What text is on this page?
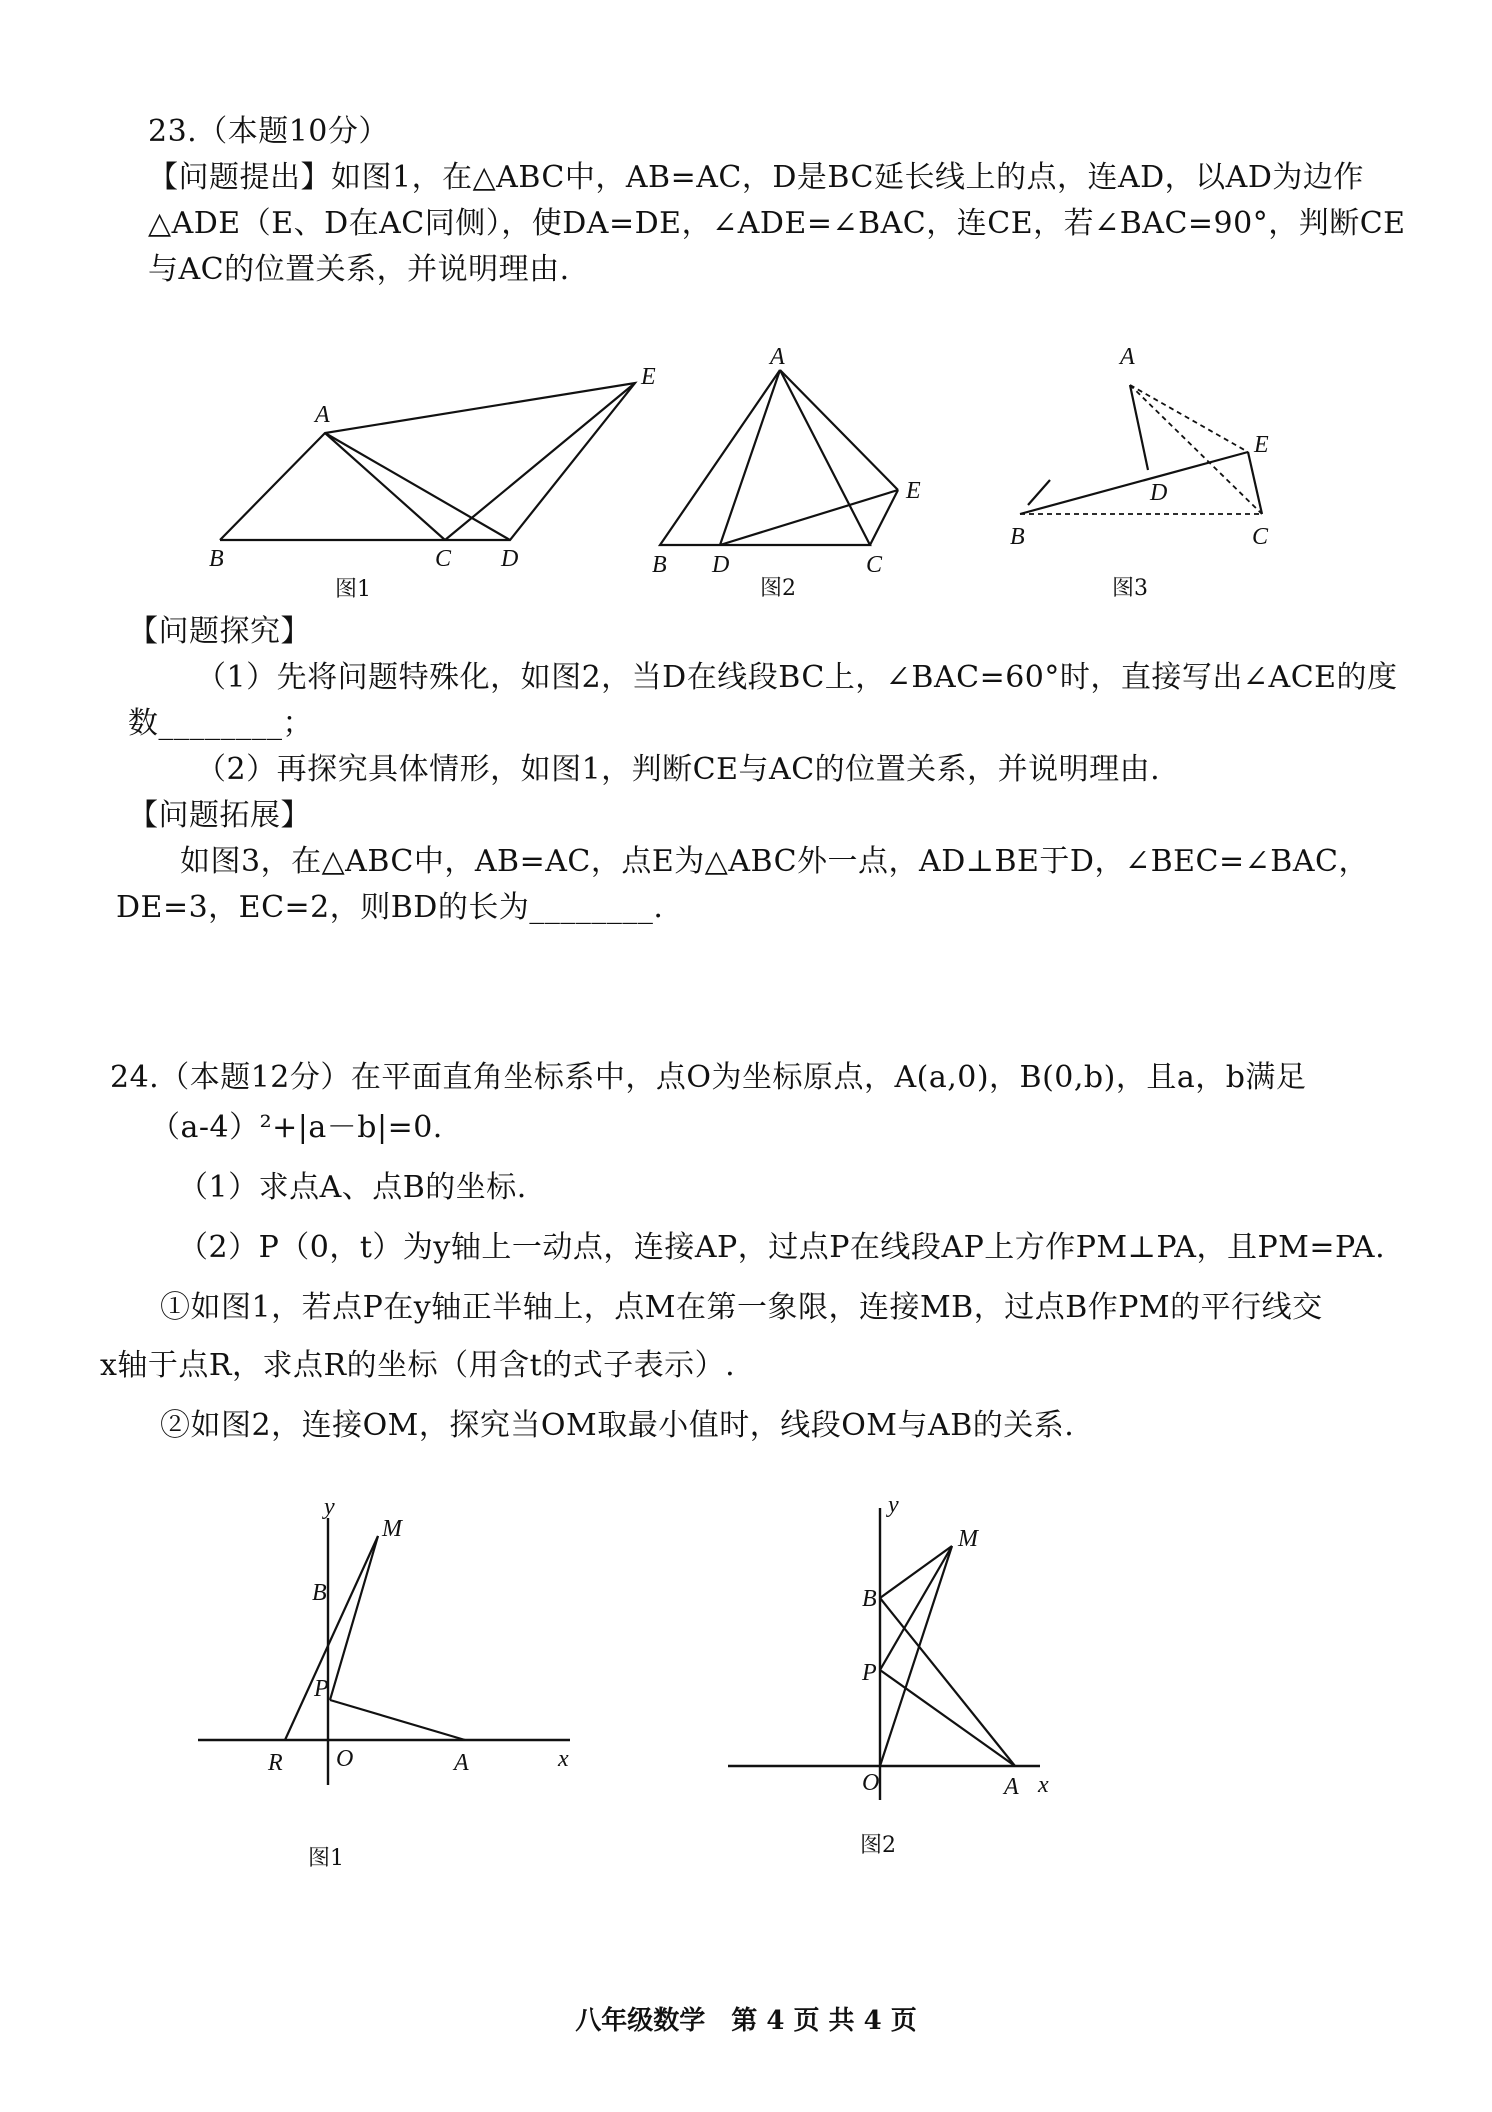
23.（本题10分）
【问题提出】如图1，在△ABC中，AB=AC，D是BC延长线上的点，连AD，以AD为边作
△ADE（E、D在AC同侧），使DA=DE，∠ADE=∠BAC，连CE，若∠BAC=90°，判断CE
与AC的位置关系，并说明理由.
A
B	C D
E
图1
A
B D	C
E
图2
A
B	C
D
E
图3
【问题探究】
（1）先将问题特殊化，如图2，当D在线段BC上，∠BAC=60°时，直接写出∠ACE的度
数________；
（2）再探究具体情形，如图1，判断CE与AC的位置关系，并说明理由.
【问题拓展】
如图3，在△ABC中，AB=AC，点E为△ABC外一点，AD⊥BE于D，∠BEC=∠BAC，
DE=3，EC=2，则BD的长为________.
24.（本题12分）在平面直角坐标系中，点O为坐标原点，A(a,0)，B(0,b)，且a，b满足
（a-4）²+|a－b|=0.
（1）求点A、点B的坐标.
（2）P（0，t）为y轴上一动点，连接AP，过点P在线段AP上方作PM⊥PA，且PM=PA.
①如图1，若点P在y轴正半轴上，点M在第一象限，连接MB，过点B作PM的平行线交
x轴于点R，求点R的坐标（用含t的式子表示）.
②如图2，连接OM，探究当OM取最小值时，线段OM与AB的关系.
y
M
B
P
R O	A	x
图1
y
M
B
P
O	A x
图2
八年级数学　第 4 页 共 4 页
